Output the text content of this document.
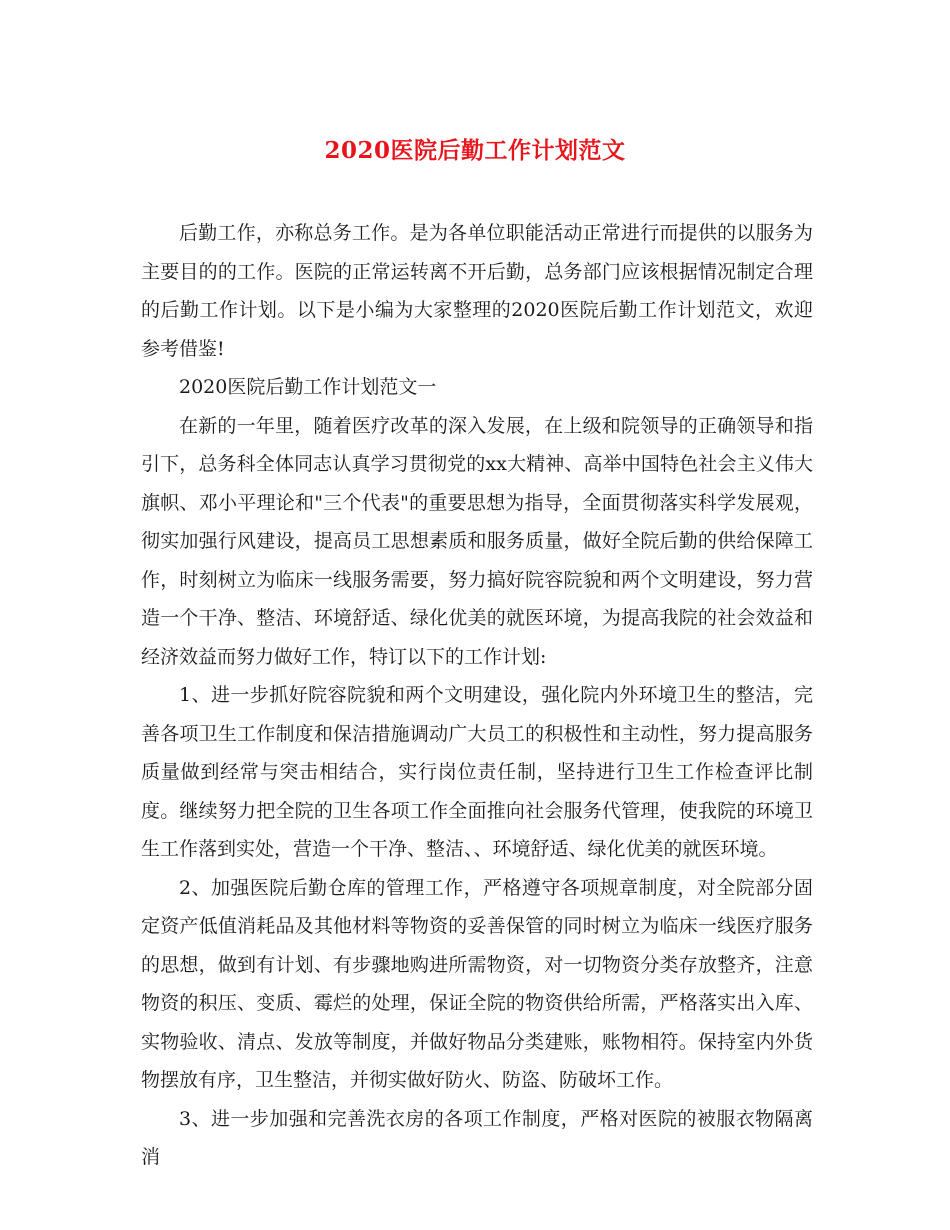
2020医院后勤工作计划范文

后勤工作，亦称总务工作。是为各单位职能活动正常进行而提供的以服务为主要目的的工作。医院的正常运转离不开后勤，总务部门应该根据情况制定合理的后勤工作计划。以下是小编为大家整理的2020医院后勤工作计划范文，欢迎参考借鉴!

2020医院后勤工作计划范文一

在新的一年里，随着医疗改革的深入发展，在上级和院领导的正确领导和指引下，总务科全体同志认真学习贯彻党的xx大精神、高举中国特色社会主义伟大旗帜、邓小平理论和"三个代表"的重要思想为指导，全面贯彻落实科学发展观，彻实加强行风建设，提高员工思想素质和服务质量，做好全院后勤的供给保障工作，时刻树立为临床一线服务需要，努力搞好院容院貌和两个文明建设，努力营造一个干净、整洁、环境舒适、绿化优美的就医环境，为提高我院的社会效益和经济效益而努力做好工作，特订以下的工作计划:

1、进一步抓好院容院貌和两个文明建设，强化院内外环境卫生的整洁，完善各项卫生工作制度和保洁措施调动广大员工的积极性和主动性，努力提高服务质量做到经常与突击相结合，实行岗位责任制，坚持进行卫生工作检查评比制度。继续努力把全院的卫生各项工作全面推向社会服务代管理，使我院的环境卫生工作落到实处，营造一个干净、整洁、、环境舒适、绿化优美的就医环境。

2、加强医院后勤仓库的管理工作，严格遵守各项规章制度，对全院部分固定资产低值消耗品及其他材料等物资的妥善保管的同时树立为临床一线医疗服务的思想，做到有计划、有步骤地购进所需物资，对一切物资分类存放整齐，注意物资的积压、变质、霉烂的处理，保证全院的物资供给所需，严格落实出入库、实物验收、清点、发放等制度，并做好物品分类建账，账物相符。保持室内外货物摆放有序，卫生整洁，并彻实做好防火、防盗、防破坏工作。

3、进一步加强和完善洗衣房的各项工作制度，严格对医院的被服衣物隔离消
